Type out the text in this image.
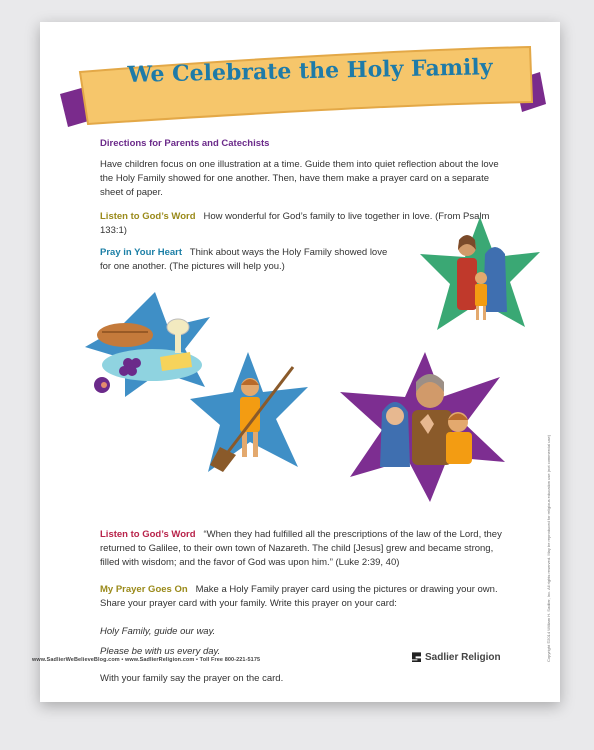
We Celebrate the Holy Family
Directions for Parents and Catechists
Have children focus on one illustration at a time. Guide them into quiet reflection about the love the Holy Family showed for one another. Then, have them make a prayer card on a separate sheet of paper.
Listen to God’s Word How wonderful for God’s family to live together in love. (From Psalm 133:1)
Pray in Your Heart Think about ways the Holy Family showed love for one another. (The pictures will help you.)
Listen to God’s Word “When they had fulfilled all the prescriptions of the law of the Lord, they returned to Galilee, to their own town of Nazareth. The child [Jesus] grew and became strong, filled with wisdom; and the favor of God was upon him.” (Luke 2:39, 40)
My Prayer Goes On Make a Holy Family prayer card using the pictures or drawing your own. Share your prayer card with your family. Write this prayer on your card:
Holy Family, guide our way.
Please be with us every day.
With your family say the prayer on the card.
Copyright ©2014 William H. Sadlier, Inc. All rights reserved. May be reproduced for religious education use (not commercial use)
www.SadlierWeBelieveBlog.com • www.SadlierReligion.com • Toll Free 800-221-5175	Sadlier Religion
